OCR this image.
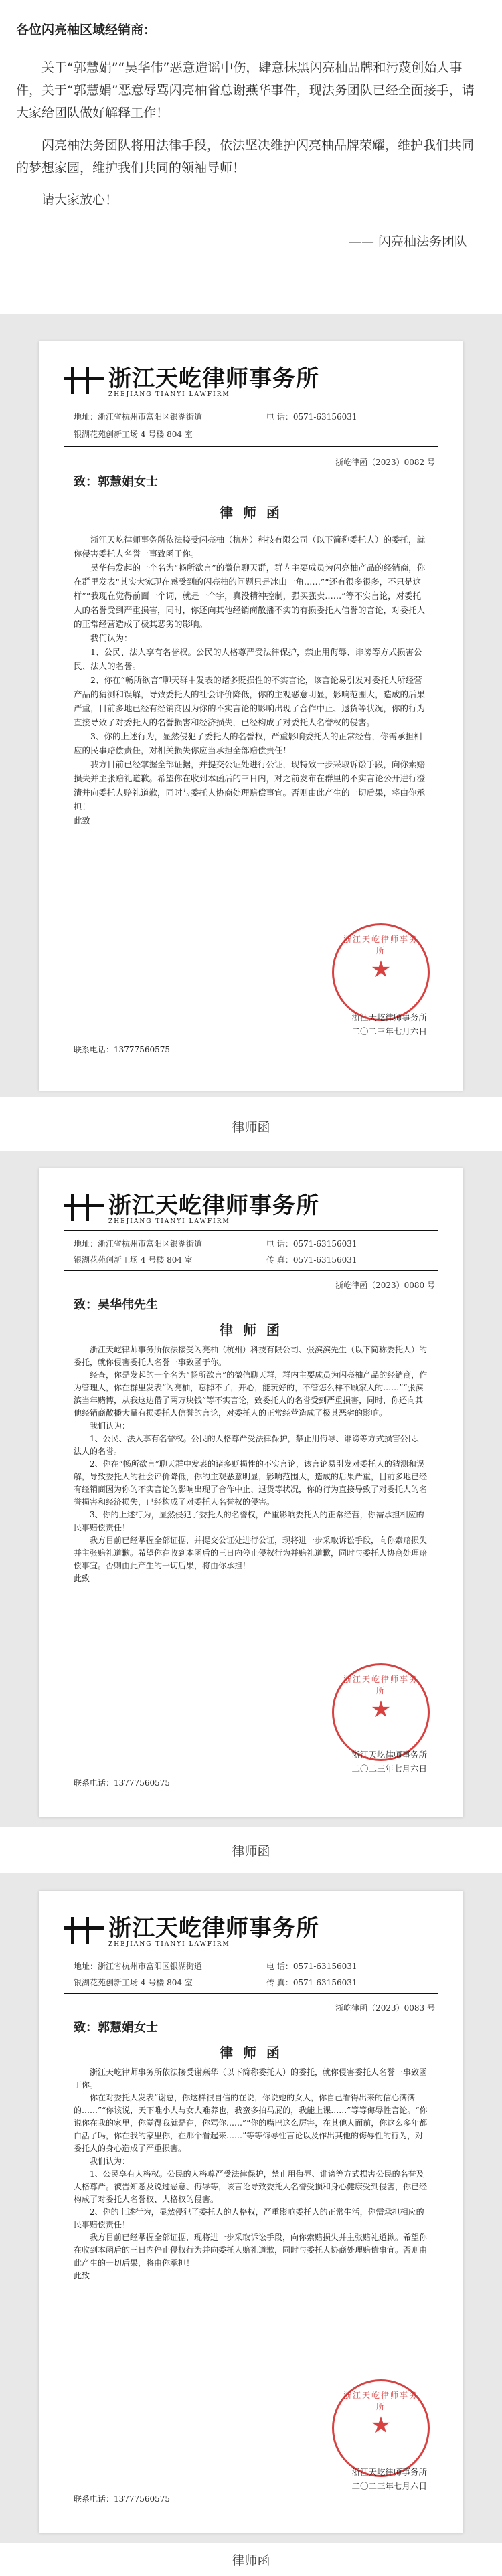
各位闪亮柚区域经销商：

关于“郭慧娟”“吴华伟”恶意造谣中伤，肆意抹黑闪亮柚品牌和污蔑创始人事件，关于“郭慧娟”恶意辱骂闪亮柚省总谢燕华事件，现法务团队已经全面接手，请大家给团队做好解释工作！

闪亮柚法务团队将用法律手段，依法坚决维护闪亮柚品牌荣耀，维护我们共同的梦想家园，维护我们共同的领袖导师！

请大家放心！

—— 闪亮柚法务团队
浙江天屹律师事务所
ZHEJIANG TIANYI LAWFIRM
地址：浙江省杭州市富阳区银湖街道	电 话：0571-63156031
银湖花苑创新工场 4 号楼 804 室
浙屹律函（2023）0082 号
致：郭慧娟女士
律 师 函

浙江天屹律师事务所依法接受闪亮柚（杭州）科技有限公司（以下简称委托人）的委托，就你侵害委托人名誉一事致函于你。

吴华伟发起的一个名为“畅所欲言”的微信聊天群，群内主要成员为闪亮柚产品的经销商，你在群里发表“其实大家现在感受到的闪亮柚的问题只是冰山一角……”“还有很多很多，不只是这样”“我现在觉得前面一个词，就是一个字，真没精神控制，强买强卖……”等不实言论，对委托人的名誉受到严重损害，同时，你还向其他经销商散播不实的有损委托人信誉的言论，对委托人的正常经营造成了极其恶劣的影响。

我们认为：

1、公民、法人享有名誉权。公民的人格尊严受法律保护，禁止用侮辱、诽谤等方式损害公民、法人的名誉。

2、你在“畅所欲言”聊天群中发表的诸多贬损性的不实言论，该言论易引发对委托人所经营产品的猜测和误解，导致委托人的社会评价降低，你的主观恶意明显，影响范围大，造成的后果严重，目前多地已经有经销商因为你的不实言论的影响出现了合作中止、退货等状况，你的行为直接导致了对委托人的名誉损害和经济损失，已经构成了对委托人名誉权的侵害。

3、你的上述行为，显然侵犯了委托人的名誉权，严重影响委托人的正常经营，你需承担相应的民事赔偿责任，对相关损失你应当承担全部赔偿责任！

我方目前已经掌握全部证据，并提交公证处进行公证，现特致一步采取诉讼手段，向你索赔损失并主张赔礼道歉。希望你在收到本函后的三日内，对之前发布在群里的不实言论公开进行澄清并向委托人赔礼道歉，同时与委托人协商处理赔偿事宜。否则由此产生的一切后果，将由你承担！

此致

浙江天屹律师事务所
★
浙江天屹律师事务所
二〇二三年七月六日
联系电话：13777560575
律师函
浙江天屹律师事务所
ZHEJIANG TIANYI LAWFIRM
地址：浙江省杭州市富阳区银湖街道	电 话：0571-63156031
银湖花苑创新工场 4 号楼 804 室	传 真：0571-63156031
浙屹律函（2023）0080 号
致：吴华伟先生
律 师 函

浙江天屹律师事务所依法接受闪亮柚（杭州）科技有限公司、张滨滨先生（以下简称委托人）的委托，就你侵害委托人名誉一事致函于你。

经查，你是发起的一个名为“畅所欲言”的微信聊天群，群内主要成员为闪亮柚产品的经销商，作为管理人，你在群里发表“闪亮柚，忘掉不了，开心，能玩好的，不管怎么样不顾家人的……”“张滨滨当年赌博，从我这边借了两万块钱”等不实言论，致委托人的名誉受到严重损害，同时，你还向其他经销商散播大量有损委托人信誉的言论，对委托人的正常经营造成了极其恶劣的影响。

我们认为：

1、公民、法人享有名誉权。公民的人格尊严受法律保护，禁止用侮辱、诽谤等方式损害公民、法人的名誉。

2、你在“畅所欲言”聊天群中发表的诸多贬损性的不实言论，该言论易引发对委托人的猜测和误解，导致委托人的社会评价降低，你的主观恶意明显，影响范围大，造成的后果严重，目前多地已经有经销商因为你的不实言论的影响出现了合作中止、退货等状况，你的行为直接导致了对委托人的名誉损害和经济损失，已经构成了对委托人名誉权的侵害。

3、你的上述行为，显然侵犯了委托人的名誉权，严重影响委托人的正常经营，你需承担相应的民事赔偿责任！

我方目前已经掌握全部证据，并提交公证处进行公证，现将进一步采取诉讼手段，向你索赔损失并主张赔礼道歉。希望你在收到本函后的三日内停止侵权行为并赔礼道歉，同时与委托人协商处理赔偿事宜。否则由此产生的一切后果，将由你承担！

此致

浙江天屹律师事务所
★
浙江天屹律师事务所
二〇二三年七月六日
联系电话：13777560575
律师函
浙江天屹律师事务所
ZHEJIANG TIANYI LAWFIRM
地址：浙江省杭州市富阳区银湖街道	电 话：0571-63156031
银湖花苑创新工场 4 号楼 804 室	传 真：0571-63156031
浙屹律函（2023）0083 号
致：郭慧娟女士
律 师 函

浙江天屹律师事务所依法接受谢燕华（以下简称委托人）的委托，就你侵害委托人名誉一事致函于你。

你在对委托人发表“谢总，你这样很自信的在说，你说她的女人，你自己看得出来的信心满满的……”“你该说，天下唯小人与女人难养也，我蛮多拍马屁的，我能上课……”等等侮辱性言论。“你说你在我的家里，你觉得我就是在，你骂你……”“你的嘴巴这么厉害，在其他人面前，你这么多年都白活了吗，你在我的家里你，在那个看起来……”等等侮辱性言论以及作出其他的侮辱性的行为，对委托人的身心造成了严重损害。

我们认为：

1、公民享有人格权。公民的人格尊严受法律保护，禁止用侮辱、诽谤等方式损害公民的名誉及人格尊严。被告知悉及说过恶意、侮辱等，该言论导致委托人名誉受损和身心健康受到侵害，你已经构成了对委托人名誉权、人格权的侵害。

2、你的上述行为，显然侵犯了委托人的人格权，严重影响委托人的正常生活，你需承担相应的民事赔偿责任！

我方目前已经掌握全部证据，现将进一步采取诉讼手段，向你索赔损失并主张赔礼道歉。希望你在收到本函后的三日内停止侵权行为并向委托人赔礼道歉，同时与委托人协商处理赔偿事宜。否则由此产生的一切后果，将由你承担！

此致

浙江天屹律师事务所
★
浙江天屹律师事务所
二〇二三年七月六日
联系电话：13777560575
律师函
